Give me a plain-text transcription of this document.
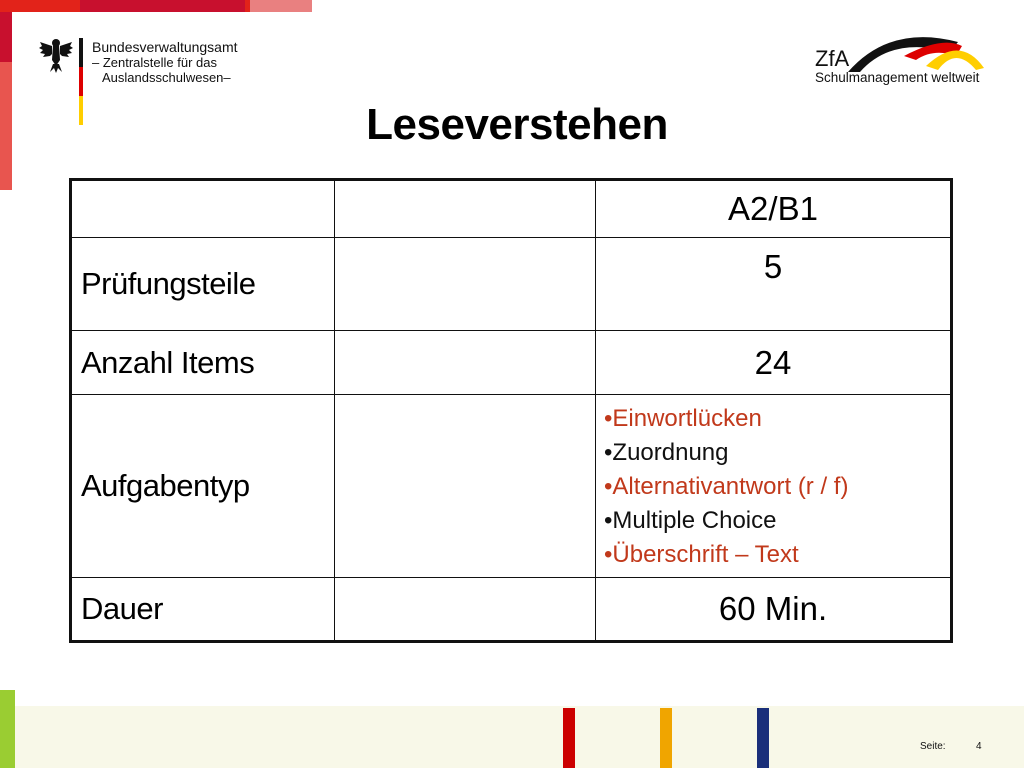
Bundesverwaltungsamt
– Zentralstelle für das
Auslandsschulwesen–
ZfA
Schulmanagement weltweit
Leseverstehen
		A2/B1
Prüfungsteile		5
Anzahl Items		24
Aufgabentyp		•Einwortlücken
•Zuordnung
•Alternativantwort (r / f)
•Multiple Choice
•Überschrift – Text

Dauer		60 Min.
Seite:	4
